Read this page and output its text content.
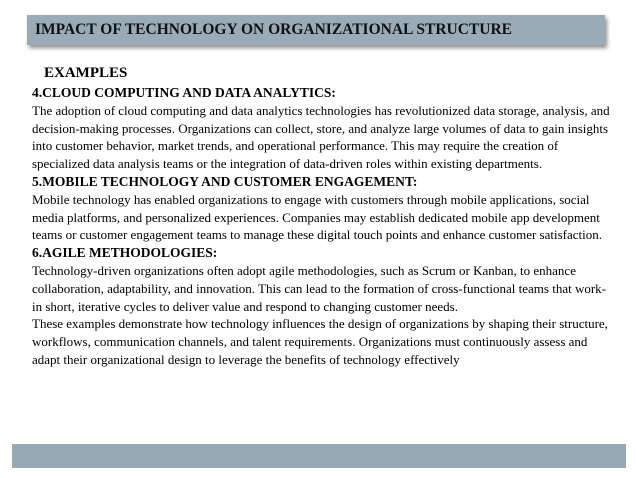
IMPACT OF TECHNOLOGY ON ORGANIZATIONAL STRUCTURE
EXAMPLES
4.CLOUD COMPUTING AND DATA ANALYTICS:
The adoption of cloud computing and data analytics technologies has revolutionized data storage, analysis, and decision-making processes. Organizations can collect, store, and analyze large volumes of data to gain insights into customer behavior, market trends, and operational performance. This may require the creation of specialized data analysis teams or the integration of data-driven roles within existing departments.
5.MOBILE TECHNOLOGY AND CUSTOMER ENGAGEMENT:
Mobile technology has enabled organizations to engage with customers through mobile applications, social media platforms, and personalized experiences. Companies may establish dedicated mobile app development teams or customer engagement teams to manage these digital touch points and enhance customer satisfaction.
6.AGILE METHODOLOGIES:
Technology-driven organizations often adopt agile methodologies, such as Scrum or Kanban, to enhance collaboration, adaptability, and innovation. This can lead to the formation of cross-functional teams that work-in short, iterative cycles to deliver value and respond to changing customer needs.
These examples demonstrate how technology influences the design of organizations by shaping their structure, workflows, communication channels, and talent requirements. Organizations must continuously assess and adapt their organizational design to leverage the benefits of technology effectively
